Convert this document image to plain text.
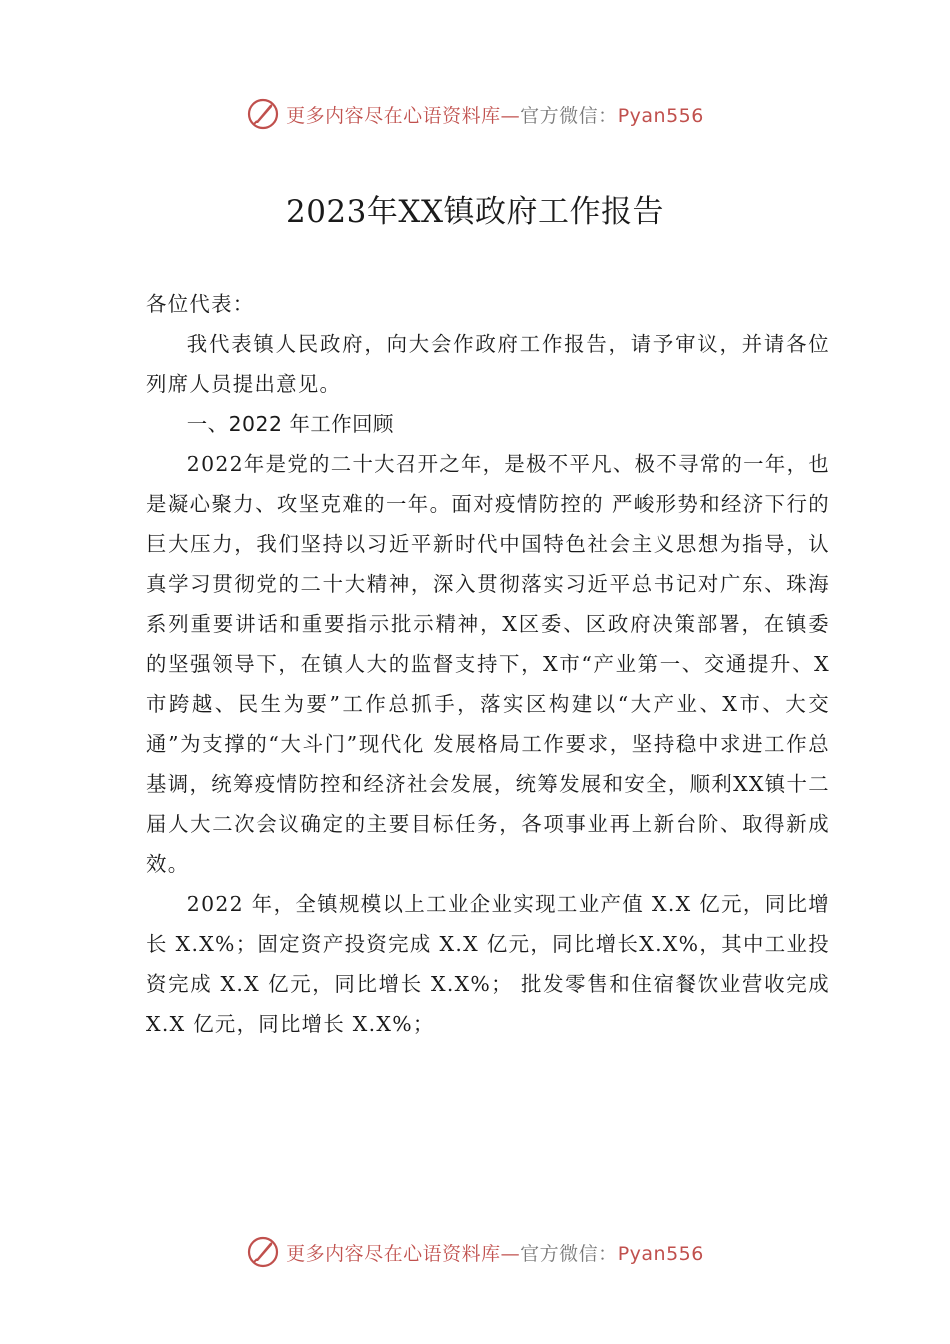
更多内容尽在心语资料库—官方微信：Pyan556
2023年XX镇政府工作报告

各位代表：

我代表镇人民政府，向大会作政府工作报告，请予审议，并请各位列席人员提出意见。

一、2022 年工作回顾

2022年是党的二十大召开之年，是极不平凡、极不寻常的一年，也是凝心聚力、攻坚克难的一年。面对疫情防控的 严峻形势和经济下行的巨大压力，我们坚持以习近平新时代中国特色社会主义思想为指导，认真学习贯彻党的二十大精神，深入贯彻落实习近平总书记对广东、珠海系列重要讲话和重要指示批示精神，X区委、区政府决策部署，在镇委的坚强领导下，在镇人大的监督支持下，X市“产业第一、交通提升、X市跨越、民生为要”工作总抓手，落实区构建以“大产业、X市、大交通”为支撑的“大斗门”现代化 发展格局工作要求，坚持稳中求进工作总基调，统筹疫情防控和经济社会发展，统筹发展和安全，顺利XX镇十二届人大二次会议确定的主要目标任务，各项事业再上新台阶、取得新成效。

2022 年，全镇规模以上工业企业实现工业产值 X.X 亿元，同比增长 X.X%；固定资产投资完成 X.X 亿元，同比增长X.X%，其中工业投资完成 X.X 亿元，同比增长 X.X%； 批发零售和住宿餐饮业营收完成 X.X 亿元，同比增长 X.X%；

更多内容尽在心语资料库—官方微信：Pyan556
